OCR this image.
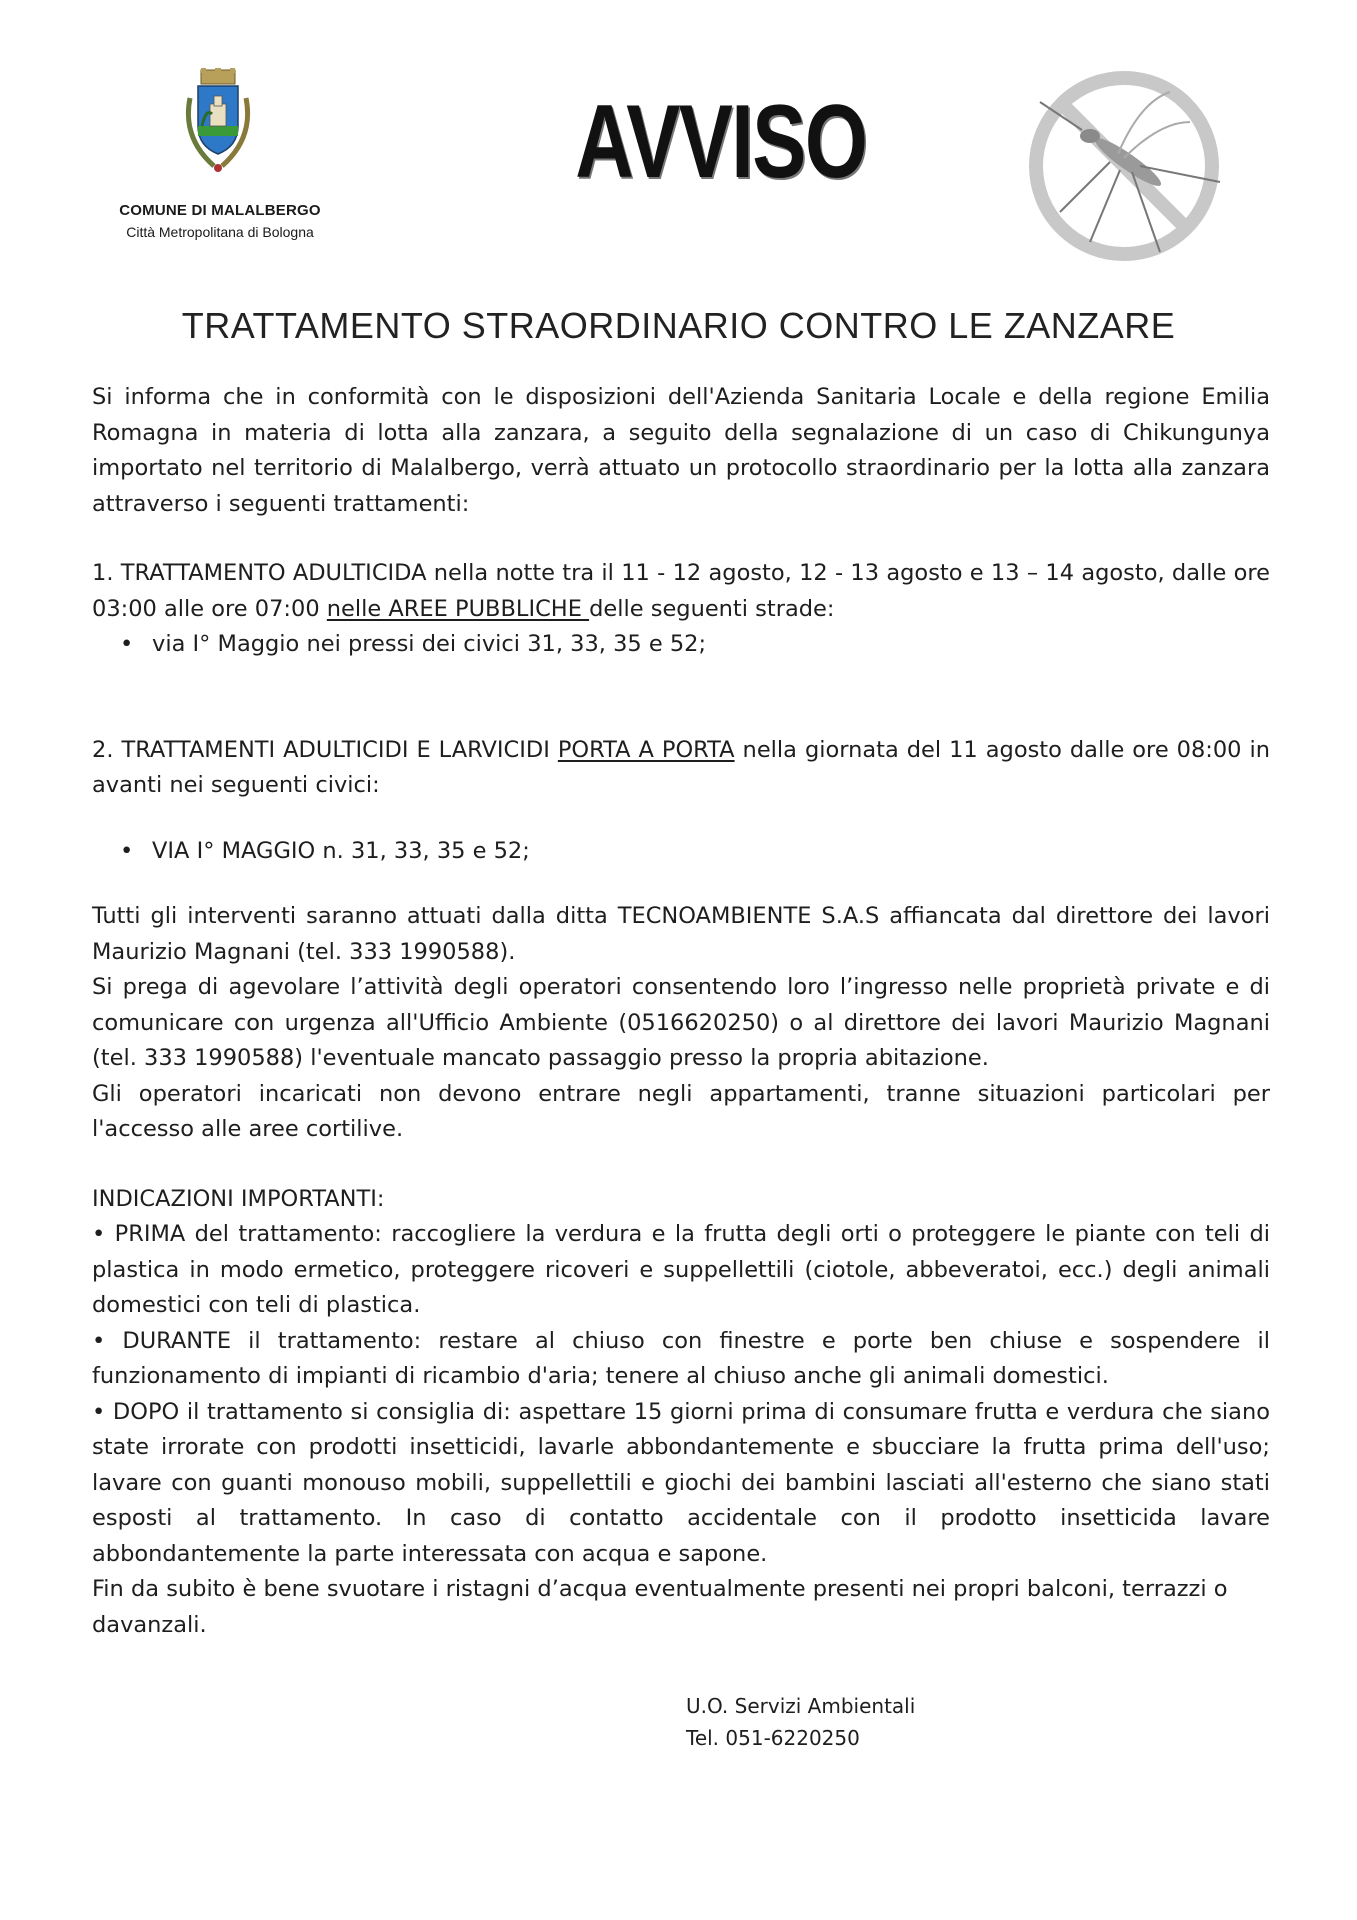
COMUNE DI MALALBERGO
Città Metropolitana di Bologna
AVVISO
TRATTAMENTO STRAORDINARIO CONTRO LE ZANZARE

Si informa che in conformità con le disposizioni dell'Azienda Sanitaria Locale e della regione Emilia Romagna in materia di lotta alla zanzara, a seguito della segnalazione di un caso di Chikungunya importato nel territorio di Malalbergo, verrà attuato un protocollo straordinario per la lotta alla zanzara attraverso i seguenti trattamenti:

1. TRATTAMENTO ADULTICIDA nella notte tra il 11 - 12 agosto, 12 - 13 agosto e 13 – 14 agosto, dalle ore 03:00 alle ore 07:00 nelle AREE PUBBLICHE delle seguenti strade:

• via I° Maggio nei pressi dei civici 31, 33, 35 e 52;

2. TRATTAMENTI ADULTICIDI E LARVICIDI PORTA A PORTA nella giornata del 11 agosto dalle ore 08:00 in avanti nei seguenti civici:

• VIA I° MAGGIO n. 31, 33, 35 e 52;

Tutti gli interventi saranno attuati dalla ditta TECNOAMBIENTE S.A.S affiancata dal direttore dei lavori Maurizio Magnani (tel. 333 1990588).

Si prega di agevolare l’attività degli operatori consentendo loro l’ingresso nelle proprietà private e di comunicare con urgenza all'Ufficio Ambiente (0516620250) o al direttore dei lavori Maurizio Magnani (tel. 333 1990588) l'eventuale mancato passaggio presso la propria abitazione.

Gli operatori incaricati non devono entrare negli appartamenti, tranne situazioni particolari per l'accesso alle aree cortilive.

INDICAZIONI IMPORTANTI:

• PRIMA del trattamento: raccogliere la verdura e la frutta degli orti o proteggere le piante con teli di plastica in modo ermetico, proteggere ricoveri e suppellettili (ciotole, abbeveratoi, ecc.) degli animali domestici con teli di plastica.

• DURANTE il trattamento: restare al chiuso con finestre e porte ben chiuse e sospendere il funzionamento di impianti di ricambio d'aria; tenere al chiuso anche gli animali domestici.

• DOPO il trattamento si consiglia di: aspettare 15 giorni prima di consumare frutta e verdura che siano state irrorate con prodotti insetticidi, lavarle abbondantemente e sbucciare la frutta prima dell'uso; lavare con guanti monouso mobili, suppellettili e giochi dei bambini lasciati all'esterno che siano stati esposti al trattamento. In caso di contatto accidentale con il prodotto insetticida lavare abbondantemente la parte interessata con acqua e sapone.

Fin da subito è bene svuotare i ristagni d’acqua eventualmente presenti nei propri balconi, terrazzi o davanzali.

U.O. Servizi Ambientali
Tel. 051-6220250
